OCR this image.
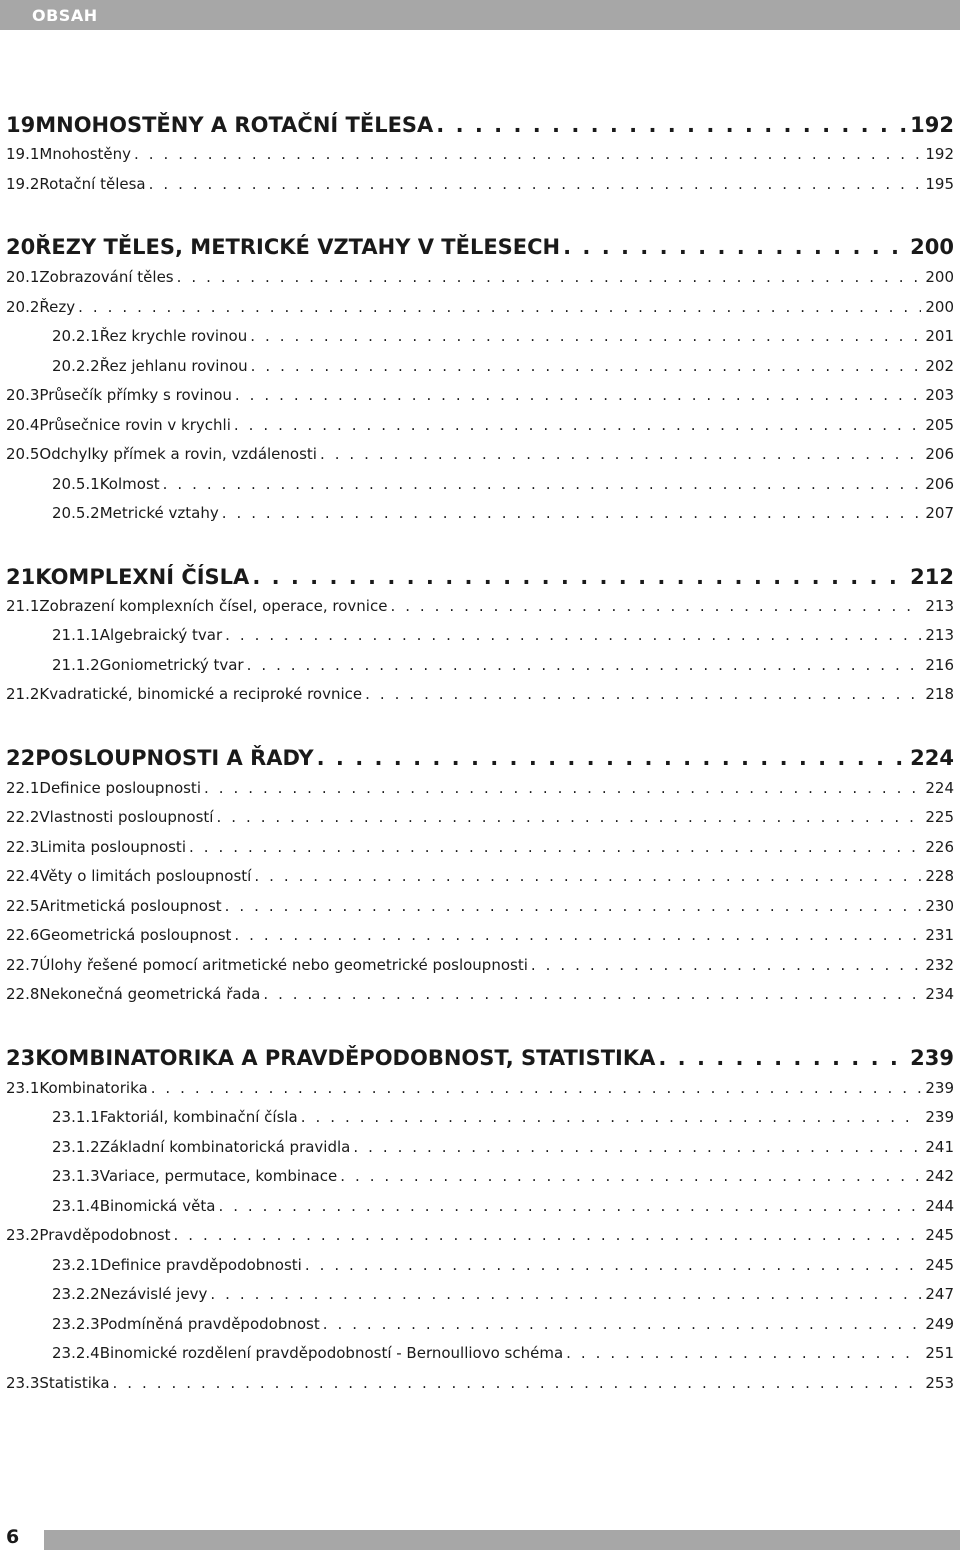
OBSAH
19 MNOHOSTĚNY A ROTAČNÍ TĚLESA . . .	192
19.1 Mnohostěny . . .	192
19.2 Rotační tělesa . . .	195
20 ŘEZY TĚLES, METRICKÉ VZTAHY V TĚLESECH . . .	200
20.1 Zobrazování těles . . .	200
20.2 Řezy . . .	200
20.2.1 Řez krychle rovinou . . .	201
20.2.2 Řez jehlanu rovinou . . .	202
20.3 Průsečík přímky s rovinou . . .	203
20.4 Průsečnice rovin v krychli . . .	205
20.5 Odchylky přímek a rovin, vzdálenosti . . .	206
20.5.1 Kolmost . . .	206
20.5.2 Metrické vztahy . . .	207
21 KOMPLEXNÍ ČÍSLA . . .	212
21.1 Zobrazení komplexních čísel, operace, rovnice . . .	213
21.1.1 Algebraický tvar . . .	213
21.1.2 Goniometrický tvar . . .	216
21.2 Kvadratické, binomické a reciproké rovnice . . .	218
22 POSLOUPNOSTI A ŘADY . . .	224
22.1 Definice posloupnosti . . .	224
22.2 Vlastnosti posloupností . . .	225
22.3 Limita posloupnosti . . .	226
22.4 Věty o limitách posloupností . . .	228
22.5 Aritmetická posloupnost . . .	230
22.6 Geometrická posloupnost . . .	231
22.7 Úlohy řešené pomocí aritmetické nebo geometrické posloupnosti . . .	232
22.8 Nekonečná geometrická řada . . .	234
23 KOMBINATORIKA A PRAVDĚPODOBNOST, STATISTIKA . . .	239
23.1 Kombinatorika . . .	239
23.1.1 Faktoriál, kombinační čísla . . .	239
23.1.2 Základní kombinatorická pravidla . . .	241
23.1.3 Variace, permutace, kombinace . . .	242
23.1.4 Binomická věta . . .	244
23.2 Pravděpodobnost . . .	245
23.2.1 Definice pravděpodobnosti . . .	245
23.2.2 Nezávislé jevy . . .	247
23.2.3 Podmíněná pravděpodobnost . . .	249
23.2.4 Binomické rozdělení pravděpodobností - Bernoulliovo schéma . . .	251
23.3 Statistika . . .	253
6
